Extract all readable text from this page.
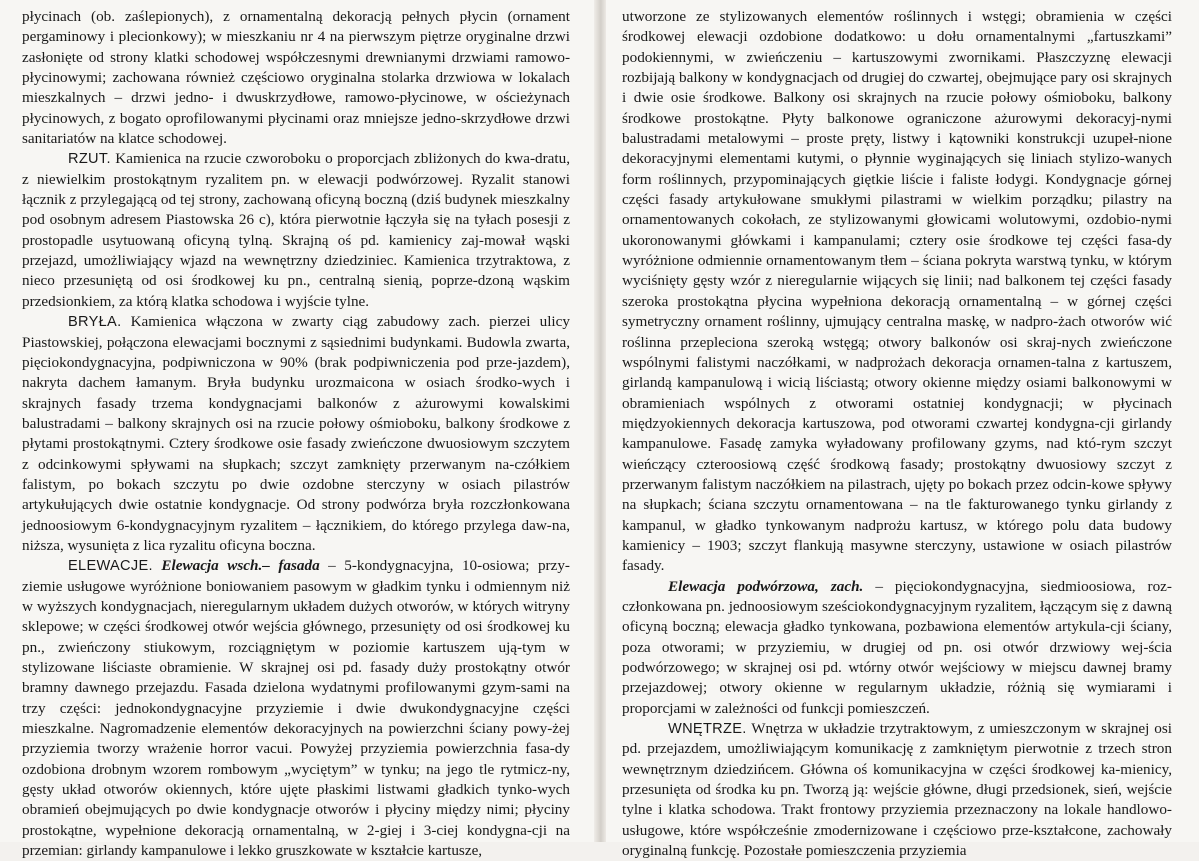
płycinach (ob. zaślepionych), z ornamentalną dekoracją pełnych płycin (ornament pergaminowy i plecionkowy); w mieszkaniu nr 4 na pierwszym piętrze oryginalne drzwi zasłonięte od strony klatki schodowej współczesnymi drewnianymi drzwiami ramowo-płycinowymi; zachowana również częściowo oryginalna stolarka drzwiowa w lokalach mieszkalnych – drzwi jedno- i dwuskrzydłowe, ramowo-płycinowe, w ościeżynach płycinowych, z bogato oprofilowanymi płycinami oraz mniejsze jedno-skrzydłowe drzwi sanitariatów na klatce schodowej.

RZUT. Kamienica na rzucie czworoboku o proporcjach zbliżonych do kwa-dratu, z niewielkim prostokątnym ryzalitem pn. w elewacji podwórzowej. Ryzalit stanowi łącznik z przylegającą od tej strony, zachowaną oficyną boczną (dziś budynek mieszkalny pod osobnym adresem Piastowska 26 c), która pierwotnie łączyła się na tyłach posesji z prostopadle usytuowaną oficyną tylną. Skrajną oś pd. kamienicy zaj-mował wąski przejazd, umożliwiający wjazd na wewnętrzny dziedziniec. Kamienica trzytraktowa, z nieco przesuniętą od osi środkowej ku pn., centralną sienią, poprze-dzoną wąskim przedsionkiem, za którą klatka schodowa i wyjście tylne.

BRYŁA. Kamienica włączona w zwarty ciąg zabudowy zach. pierzei ulicy Piastowskiej, połączona elewacjami bocznymi z sąsiednimi budynkami. Budowla zwarta, pięciokondygnacyjna, podpiwniczona w 90% (brak podpiwniczenia pod prze-jazdem), nakryta dachem łamanym. Bryła budynku urozmaicona w osiach środko-wych i skrajnych fasady trzema kondygnacjami balkonów z ażurowymi kowalskimi balustradami – balkony skrajnych osi na rzucie połowy ośmioboku, balkony środkowe z płytami prostokątnymi. Cztery środkowe osie fasady zwieńczone dwuosiowym szczytem z odcinkowymi spływami na słupkach; szczyt zamknięty przerwanym na-czółkiem falistym, po bokach szczytu po dwie ozdobne sterczyny w osiach pilastrów artykułujących dwie ostatnie kondygnacje. Od strony podwórza bryła rozczłonkowana jednoosiowym 6-kondygnacyjnym ryzalitem – łącznikiem, do którego przylega daw-na, niższa, wysunięta z lica ryzalitu oficyna boczna.

ELEWACJE. Elewacja wsch.– fasada – 5-kondygnacyjna, 10-osiowa; przy-ziemie usługowe wyróżnione boniowaniem pasowym w gładkim tynku i odmiennym niż w wyższych kondygnacjach, nieregularnym układem dużych otworów, w których witryny sklepowe; w części środkowej otwór wejścia głównego, przesunięty od osi środkowej ku pn., zwieńczony stiukowym, rozciągniętym w poziomie kartuszem ują-tym w stylizowane liściaste obramienie. W skrajnej osi pd. fasady duży prostokątny otwór bramny dawnego przejazdu. Fasada dzielona wydatnymi profilowanymi gzym-sami na trzy części: jednokondygnacyjne przyziemie i dwie dwukondygnacyjne części mieszkalne. Nagromadzenie elementów dekoracyjnych na powierzchni ściany powy-żej przyziemia tworzy wrażenie horror vacui. Powyżej przyziemia powierzchnia fasa-dy ozdobiona drobnym wzorem rombowym „wyciętym” w tynku; na jego tle rytmicz-ny, gęsty układ otworów okiennych, które ujęte płaskimi listwami gładkich tynko-wych obramień obejmujących po dwie kondygnacje otworów i płyciny między nimi; płyciny prostokątne, wypełnione dekoracją ornamentalną, w 2-giej i 3-ciej kondygna-cji na przemian: girlandy kampanulowe i lekko gruszkowate w kształcie kartusze,

utworzone ze stylizowanych elementów roślinnych i wstęgi; obramienia w części środkowej elewacji ozdobione dodatkowo: u dołu ornamentalnymi „fartuszkami” podokiennymi, w zwieńczeniu – kartuszowymi zwornikami. Płaszczyznę elewacji rozbijają balkony w kondygnacjach od drugiej do czwartej, obejmujące pary osi skrajnych i dwie osie środkowe. Balkony osi skrajnych na rzucie połowy ośmioboku, balkony środkowe prostokątne. Płyty balkonowe ograniczone ażurowymi dekoracyj-nymi balustradami metalowymi – proste pręty, listwy i kątowniki konstrukcji uzupeł-nione dekoracyjnymi elementami kutymi, o płynnie wyginających się liniach stylizo-wanych form roślinnych, przypominających giętkie liście i faliste łodygi. Kondygnacje górnej części fasady artykułowane smukłymi pilastrami w wielkim porządku; pilastry na ornamentowanych cokołach, ze stylizowanymi głowicami wolutowymi, ozdobio-nymi ukoronowanymi główkami i kampanulami; cztery osie środkowe tej części fasa-dy wyróżnione odmiennie ornamentowanym tłem – ściana pokryta warstwą tynku, w którym wyciśnięty gęsty wzór z nieregularnie wijących się linii; nad balkonem tej części fasady szeroka prostokątna płycina wypełniona dekoracją ornamentalną – w górnej części symetryczny ornament roślinny, ujmujący centralna maskę, w nadpro-żach otworów wić roślinna przepleciona szeroką wstęgą; otwory balkonów osi skraj-nych zwieńczone wspólnymi falistymi naczółkami, w nadprożach dekoracja ornamen-talna z kartuszem, girlandą kampanulową i wicią liściastą; otwory okienne między osiami balkonowymi w obramieniach wspólnych z otworami ostatniej kondygnacji; w płycinach międzyokiennych dekoracja kartuszowa, pod otworami czwartej kondygna-cji girlandy kampanulowe. Fasadę zamyka wyładowany profilowany gzyms, nad któ-rym szczyt wieńczący czteroosiową część środkową fasady; prostokątny dwuosiowy szczyt z przerwanym falistym naczółkiem na pilastrach, ujęty po bokach przez odcin-kowe spływy na słupkach; ściana szczytu ornamentowana – na tle fakturowanego tynku girlandy z kampanul, w gładko tynkowanym nadprożu kartusz, w którego polu data budowy kamienicy – 1903; szczyt flankują masywne sterczyny, ustawione w osiach pilastrów fasady.

Elewacja podwórzowa, zach. – pięciokondygnacyjna, siedmioosiowa, roz-członkowana pn. jednoosiowym sześciokondygnacyjnym ryzalitem, łączącym się z dawną oficyną boczną; elewacja gładko tynkowana, pozbawiona elementów artykula-cji ściany, poza otworami; w przyziemiu, w drugiej od pn. osi otwór drzwiowy wej-ścia podwórzowego; w skrajnej osi pd. wtórny otwór wejściowy w miejscu dawnej bramy przejazdowej; otwory okienne w regularnym układzie, różnią się wymiarami i proporcjami w zależności od funkcji pomieszczeń.

WNĘTRZE. Wnętrza w układzie trzytraktowym, z umieszczonym w skrajnej osi pd. przejazdem, umożliwiającym komunikację z zamkniętym pierwotnie z trzech stron wewnętrznym dziedzińcem. Główna oś komunikacyjna w części środkowej ka-mienicy, przesunięta od środka ku pn. Tworzą ją: wejście główne, długi przedsionek, sień, wejście tylne i klatka schodowa. Trakt frontowy przyziemia przeznaczony na lokale handlowo-usługowe, które współcześnie zmodernizowane i częściowo prze-kształcone, zachowały oryginalną funkcję. Pozostałe pomieszczenia przyziemia
